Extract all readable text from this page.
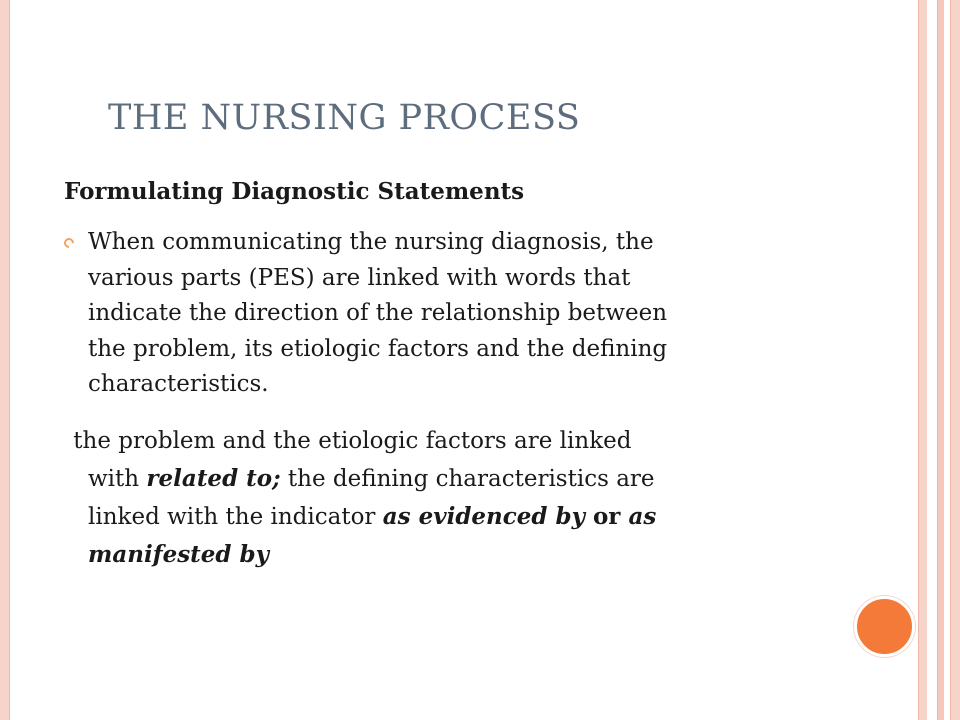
THE NURSING PROCESS
Formulating Diagnostic Statements
When communicating the nursing diagnosis, the
various parts (PES) are linked with words that
indicate the direction of the relationship between
the problem, its etiologic factors and the defining
characteristics.
the problem and the etiologic factors are linked
with related to; the defining characteristics are
linked with the indicator as evidenced by or as
manifested by
